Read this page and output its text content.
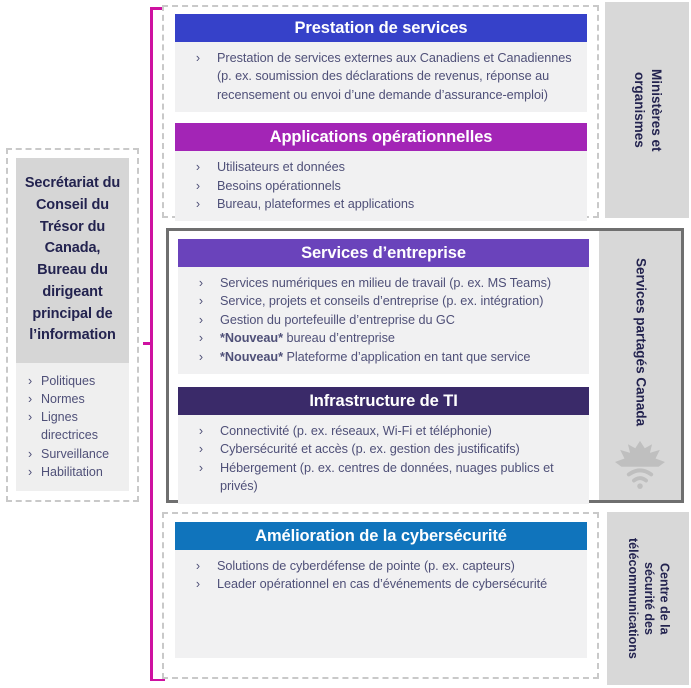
Secrétariat du Conseil du Trésor du Canada, Bureau du dirigeant principal de l’information
› Politiques
› Normes
› Lignes directrices
› Surveillance
› Habilitation
Prestation de services
›	Prestation de services externes aux Canadiens et Canadiennes (p. ex. soumission des déclarations de revenus, réponse au recensement ou envoi d’une demande d’assurance-emploi)
Applications opérationnelles
›	Utilisateurs et données
›	Besoins opérationnels
›	Bureau, plateformes et applications
Ministères et
organismes
Services d’entreprise
›	Services numériques en milieu de travail (p. ex. MS Teams)
›	Service, projets et conseils d’entreprise (p. ex. intégration)
›	Gestion du portefeuille d’entreprise du GC
›	*Nouveau* bureau d’entreprise
›	*Nouveau* Plateforme d’application en tant que service
Infrastructure de TI
›	Connectivité (p. ex. réseaux, Wi-Fi et téléphonie)
›	Cybersécurité et accès (p. ex. gestion des justificatifs)
›	Hébergement (p. ex. centres de données, nuages publics et privés)
Services partagés Canada
Amélioration de la cybersécurité
›	Solutions de cyberdéfense de pointe (p. ex. capteurs)
›	Leader opérationnel en cas d’événements de cybersécurité	Centre de la
sécurité des
télécommunications
